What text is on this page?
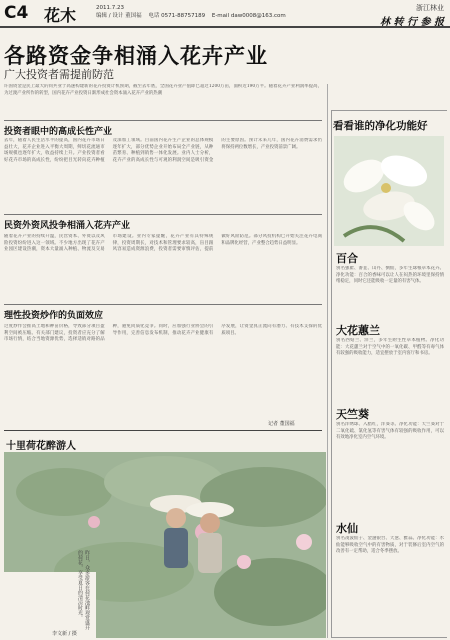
C4 花木	2011.7.23
编辑 / 设计 董国福 电话 0571-88757189 E-mail daw0008@163.com
浙江林业
林 转 行 参 报
各路资金争相涌入花卉产业
广大投资者需提前防范
许国资金是民上最大的同共业于高速构建新的花卉投资计机预期，截至去年底，全国花卉业产值即已超过1200万亩，面积近190万平。随着花卉产业利润率提高，为过渡产业所作的转型，国内花卉产业投资日渐形成社会资本涌入花卉产业的热潮
投资者眼中的高成长性产业
去年，随着人民生活水平的提高，国内花卉市场日益壮大，花卉企业进入平衡大周期，鲜切花流通市场规模也逐年扩大，收益持续上升。产业投资者看好花卉市场的高成长性，纷纷把目光转向花卉种植及深加工领域。目前国内花卉生产企业的总体规模逐年扩大，部分优势企业开始布局全产业链，从种苗繁育、种植到销售一体化发展。业内人士分析，花卉产业的高成长性与可观的利润空间是吸引资金的主要原因。预计未来几年，国内花卉消费需求仍将保持两位数增长，产业投资前景广阔。
民资外资风投争相涌入花卉产业
随着花卉产业的持续升温，民营资本、外资以及风险投资纷纷进入这一领域。不少地方出现了花卉产业园区建设热潮，资本大量涌入种植、物流及交易市场建设。业内专家提醒，花卉产业有其特殊规律，投资周期长，对技术和管理要求较高，盲目跟风容易造成资源浪费，投资者需要审慎评估，提前做好风险防范。部分风投机构已开始关注花卉电商和品牌化经营，产业整合趋势日益明显。
理性投资炒作的负面效应
过度炒作会推高土地和种苗价格，导致部分项目盈利空间被压缩。有关部门建议，投资者应充分了解市场行情，结合当地资源优势，选择适销对路的品种，避免同质化竞争。同时，应加强行业协会的引导作用，完善信息发布机制，推动花卉产业健康有序发展，让资金真正流向有潜力、有技术支撑的优质项目。
记者 董国福
十里荷花醉游人
昨日，众多游客在荷花池畔观赏盛开的荷花，享受夏日的清凉时光。
李文新 / 摄
看看谁的净化功能好
百合
别名强瞿、番韭、山丹、倒仙，多年生球根草本花卉。净化功能：百合的香味可以让人在闷热的环境里保持情绪稳定，同时它还能吸收一定量的有害气体。
大花蕙兰
别名西姑兰、洋兰，多年生附生性草本植物。净化功能：大花蕙兰对于空气中的一氧化碳、甲醛等有毒气体有较强的吸收能力，适宜摆放于室内客厅和书房。
天竺葵
别名洋绣球、入腊红，洋葵等。净化功能：天竺葵对于二氧化硫、氯化氢等有害气体有较强的吸收作用，可以有效地净化室内空气环境。
水仙
别名凌波仙子、金盏银台、天葱、雅蒜。净化功能：水仙能够吸收空气中的有害物质，对于装修后室内空气的改善有一定帮助，适合冬季摆放。
